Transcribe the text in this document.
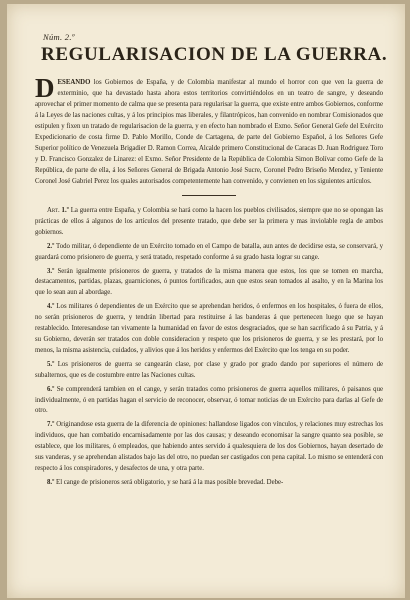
Núm. 2.º
REGULARISACION DE LA GUERRA.

DESEANDO los Gobiernos de España, y de Colombia manifestar al mundo el horror con que ven la guerra de exterminio, que ha devastado hasta ahora estos territorios convirtiéndolos en un teatro de sangre, y deseando aprovechar el primer momento de calma que se presenta para regularisar la guerra, que existe entre ambos Gobiernos, conforme á la Leyes de las naciones cultas, y á los principios mas liberales, y filantrópicos, han convenido en nombrar Comisionados que estipulen y fixen un tratado de regularisacion de la guerra, y en efecto han nombrado el Exmo. Señor General Gefe del Exército Expedicionario de costa firme D. Pablo Morillo, Conde de Cartagena, de parte del Gobierno Español, á los Señores Gefe Superior político de Venezuela Brigadier D. Ramon Correa, Alcalde primero Constitucional de Caracas D. Juan Rodriguez Toro y D. Francisco Gonzalez de Linarez: el Exmo. Señor Presidente de la República de Colombia Simon Bolívar como Gefe de la República, de parte de ella, á los Señores General de Brigada Antonio José Sucre, Coronel Pedro Briseño Mendez, y Teniente Coronel José Gabriel Perez los quales autorisados competentemente han convenido, y convienen en los siguientes artículos.

Art. 1.º La guerra entre España, y Colombia se hará como la hacen los pueblos civilisados, siempre que no se opongan las prácticas de ellos á algunos de los artículos del presente tratado, que debe ser la primera y mas inviolable regla de ambos gobiernos.

2.º Todo militar, ó dependiente de un Exército tomado en el Campo de batalla, aun antes de decidirse esta, se conservará, y guardará como prisionero de guerra, y será tratado, respetado conforme á su grado hasta lograr su cange.

3.º Serán igualmente prisioneros de guerra, y tratados de la misma manera que estos, los que se tomen en marcha, destacamentos, partidas, plazas, guarniciones, ó puntos fortificados, aun que estos sean tomados al asalto, y en la Marina los que lo sean aun al abordage.

4.º Los militares ó dependientes de un Exército que se aprehendan heridos, ó enfermos en los hospitales, ó fuera de ellos, no serán prisioneros de guerra, y tendrán libertad para restituirse á las banderas á que pertenecen luego que se hayan restablecido. Interesandose tan vivamente la humanidad en favor de estos desgraciados, que se han sacrificado á su Patria, y á su Gobierno, deverán ser tratados con doble consideracion y respeto que los prisioneros de guerra, y se les prestará, por lo menos, la misma asistencia, cuidados, y alivios que á los heridos y enfermos del Exército que los tenga en su poder.

5.º Los prisioneros de guerra se cangearán clase, por clase y grado por grado dando por superiores el número de subalternos, que es de costumbre entre las Naciones cultas.

6.º Se comprenderá tambien en el cange, y serán tratados como prisioneros de guerra aquellos militares, ó paisanos que individualmente, ó en partidas hagan el servicio de reconocer, observar, ó tomar noticias de un Exército para darlas al Gefe de otro.

7.º Originandose esta guerra de la diferencia de opiniones: hallandose ligados con vínculos, y relaciones muy estrechas los individuos, que han combatido encarnisadamente por las dos causas; y deseando economisar la sangre quanto sea posible, se establece, que los militares, ó empleados, que habiendo antes servido á qualesquiera de los dos Gobiernos, hayan desertado de sus vanderas, y se aprehendan alistados bajo las del otro, no puedan ser castigados con pena capital. Lo mismo se entenderá con respecto á los conspiradores, y desafectos de una, y otra parte.

8.º El cange de prisioneros será obligatorio, y se hará á la mas posible brevedad. Debe-
